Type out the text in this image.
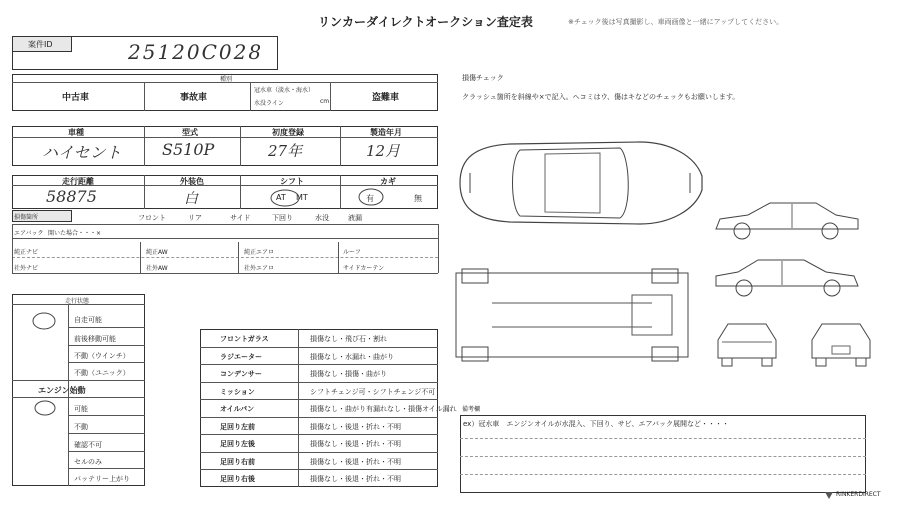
リンカーダイレクトオークション査定表	※チェック後は写真撮影し、車両画像と一緒にアップしてください。
案件ID	25120C028
種別
中古車	事故車
冠水車（淡水・海水）
水没ライン	cm	盗難車
車種	型式	初度登録	製造年月
ハイセント	S510P	27年	12月
走行距離	外装色	シフト	カギ
58875	白	AT MT	有	無
損傷箇所	フロント	リア	サイド	下回り	水没	液漏
エアバック 開いた場合・・・×
純正ナビ	純正AW	純正エアロ	ルーフ
社外ナビ	社外AW	社外エアロ	サイドカーテン
走行状態
自走可能
前後移動可能
不動（ウインチ）
不動（ユニック）
エンジン始動
可能
不動
確認不可
セルのみ
バッテリー上がり
フロントガラス	損傷なし・飛び石・割れ
ラジエーター	損傷なし・水漏れ・曲がり
コンデンサー	損傷なし・損傷・曲がり
ミッション	シフトチェンジ可・シフトチェンジ不可
オイルパン	損傷なし・曲がり有漏れなし・損傷オイル漏れ
足回り左前	損傷なし・後退・折れ・不明
足回り左後	損傷なし・後退・折れ・不明
足回り右前	損傷なし・後退・折れ・不明
足回り右後	損傷なし・後退・折れ・不明
損傷チェック
クラッシュ箇所を斜線や×で記入。ヘコミはウ、傷はキなどのチェックもお願いします。
備考欄
ex）冠水車　エンジンオイルが水混入、下回り、サビ、エアバック展開など・・・・
RINKERDIRECT
